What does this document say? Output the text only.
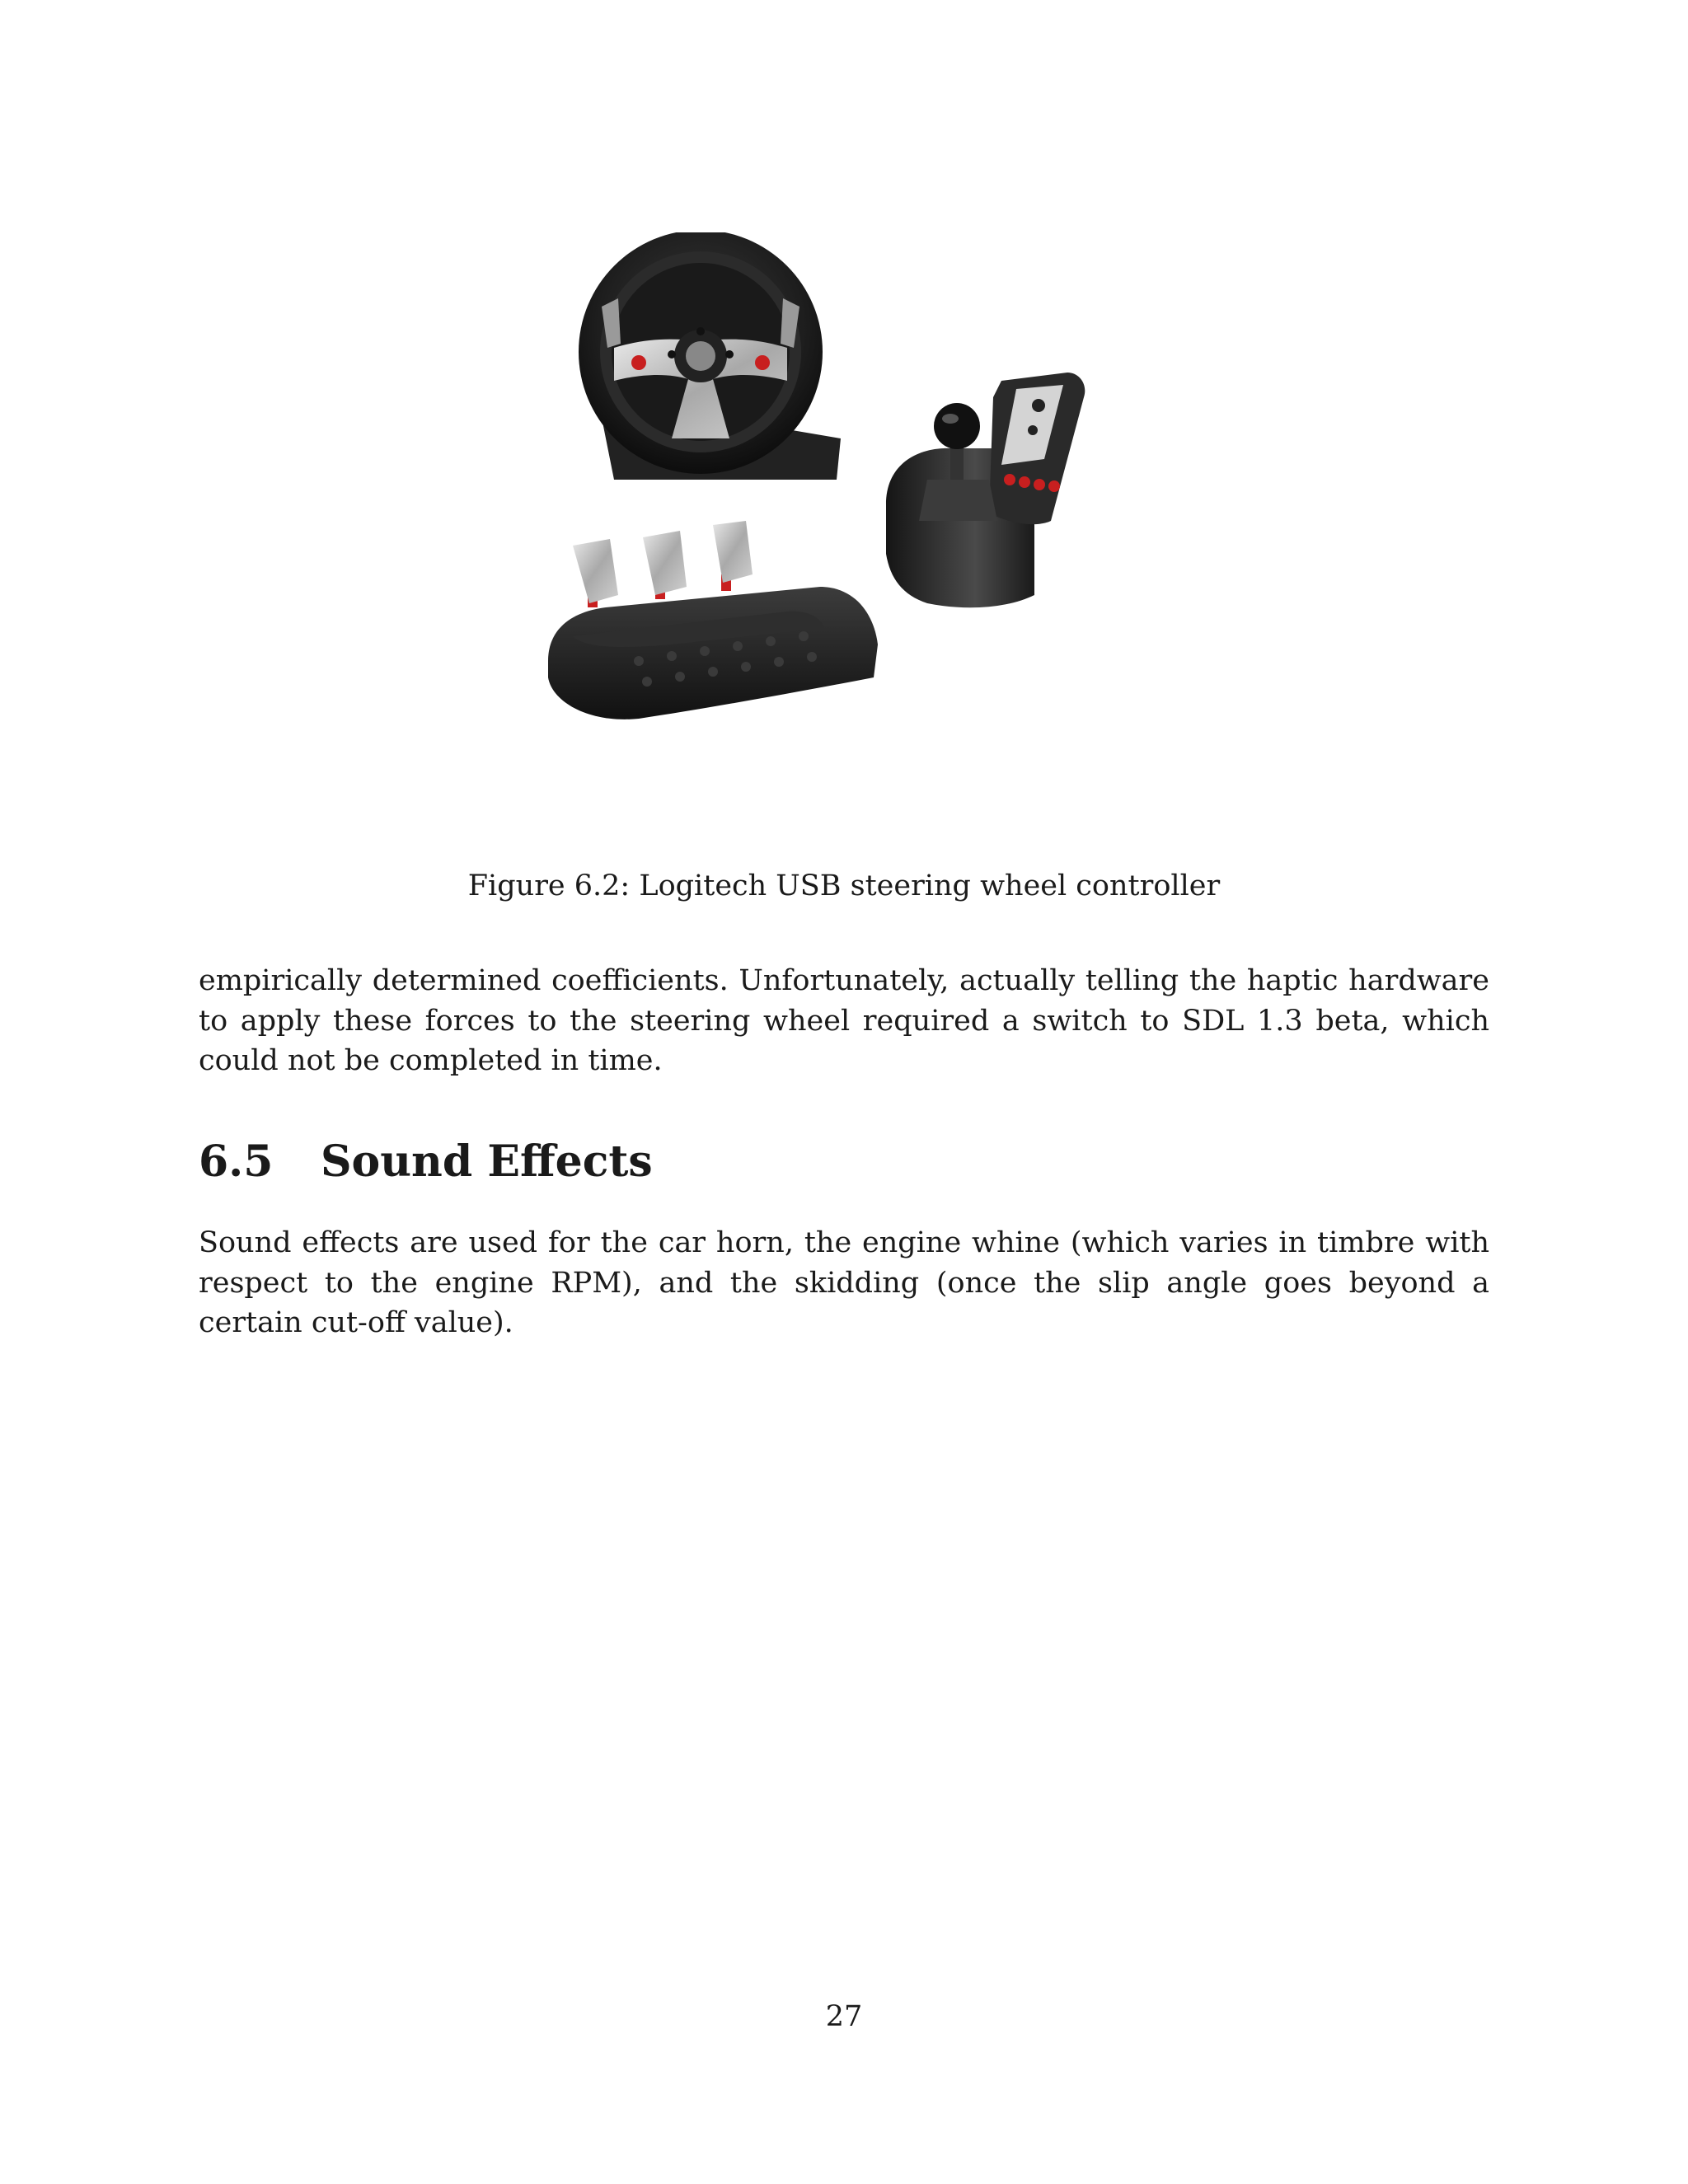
Figure 6.2: Logitech USB steering wheel controller

empirically determined coefficients. Unfortunately, actually telling the haptic hardware to apply these forces to the steering wheel required a switch to SDL 1.3 beta, which could not be completed in time.

6.5 Sound Effects

Sound effects are used for the car horn, the engine whine (which varies in timbre with respect to the engine RPM), and the skidding (once the slip angle goes beyond a certain cut-off value).

27
